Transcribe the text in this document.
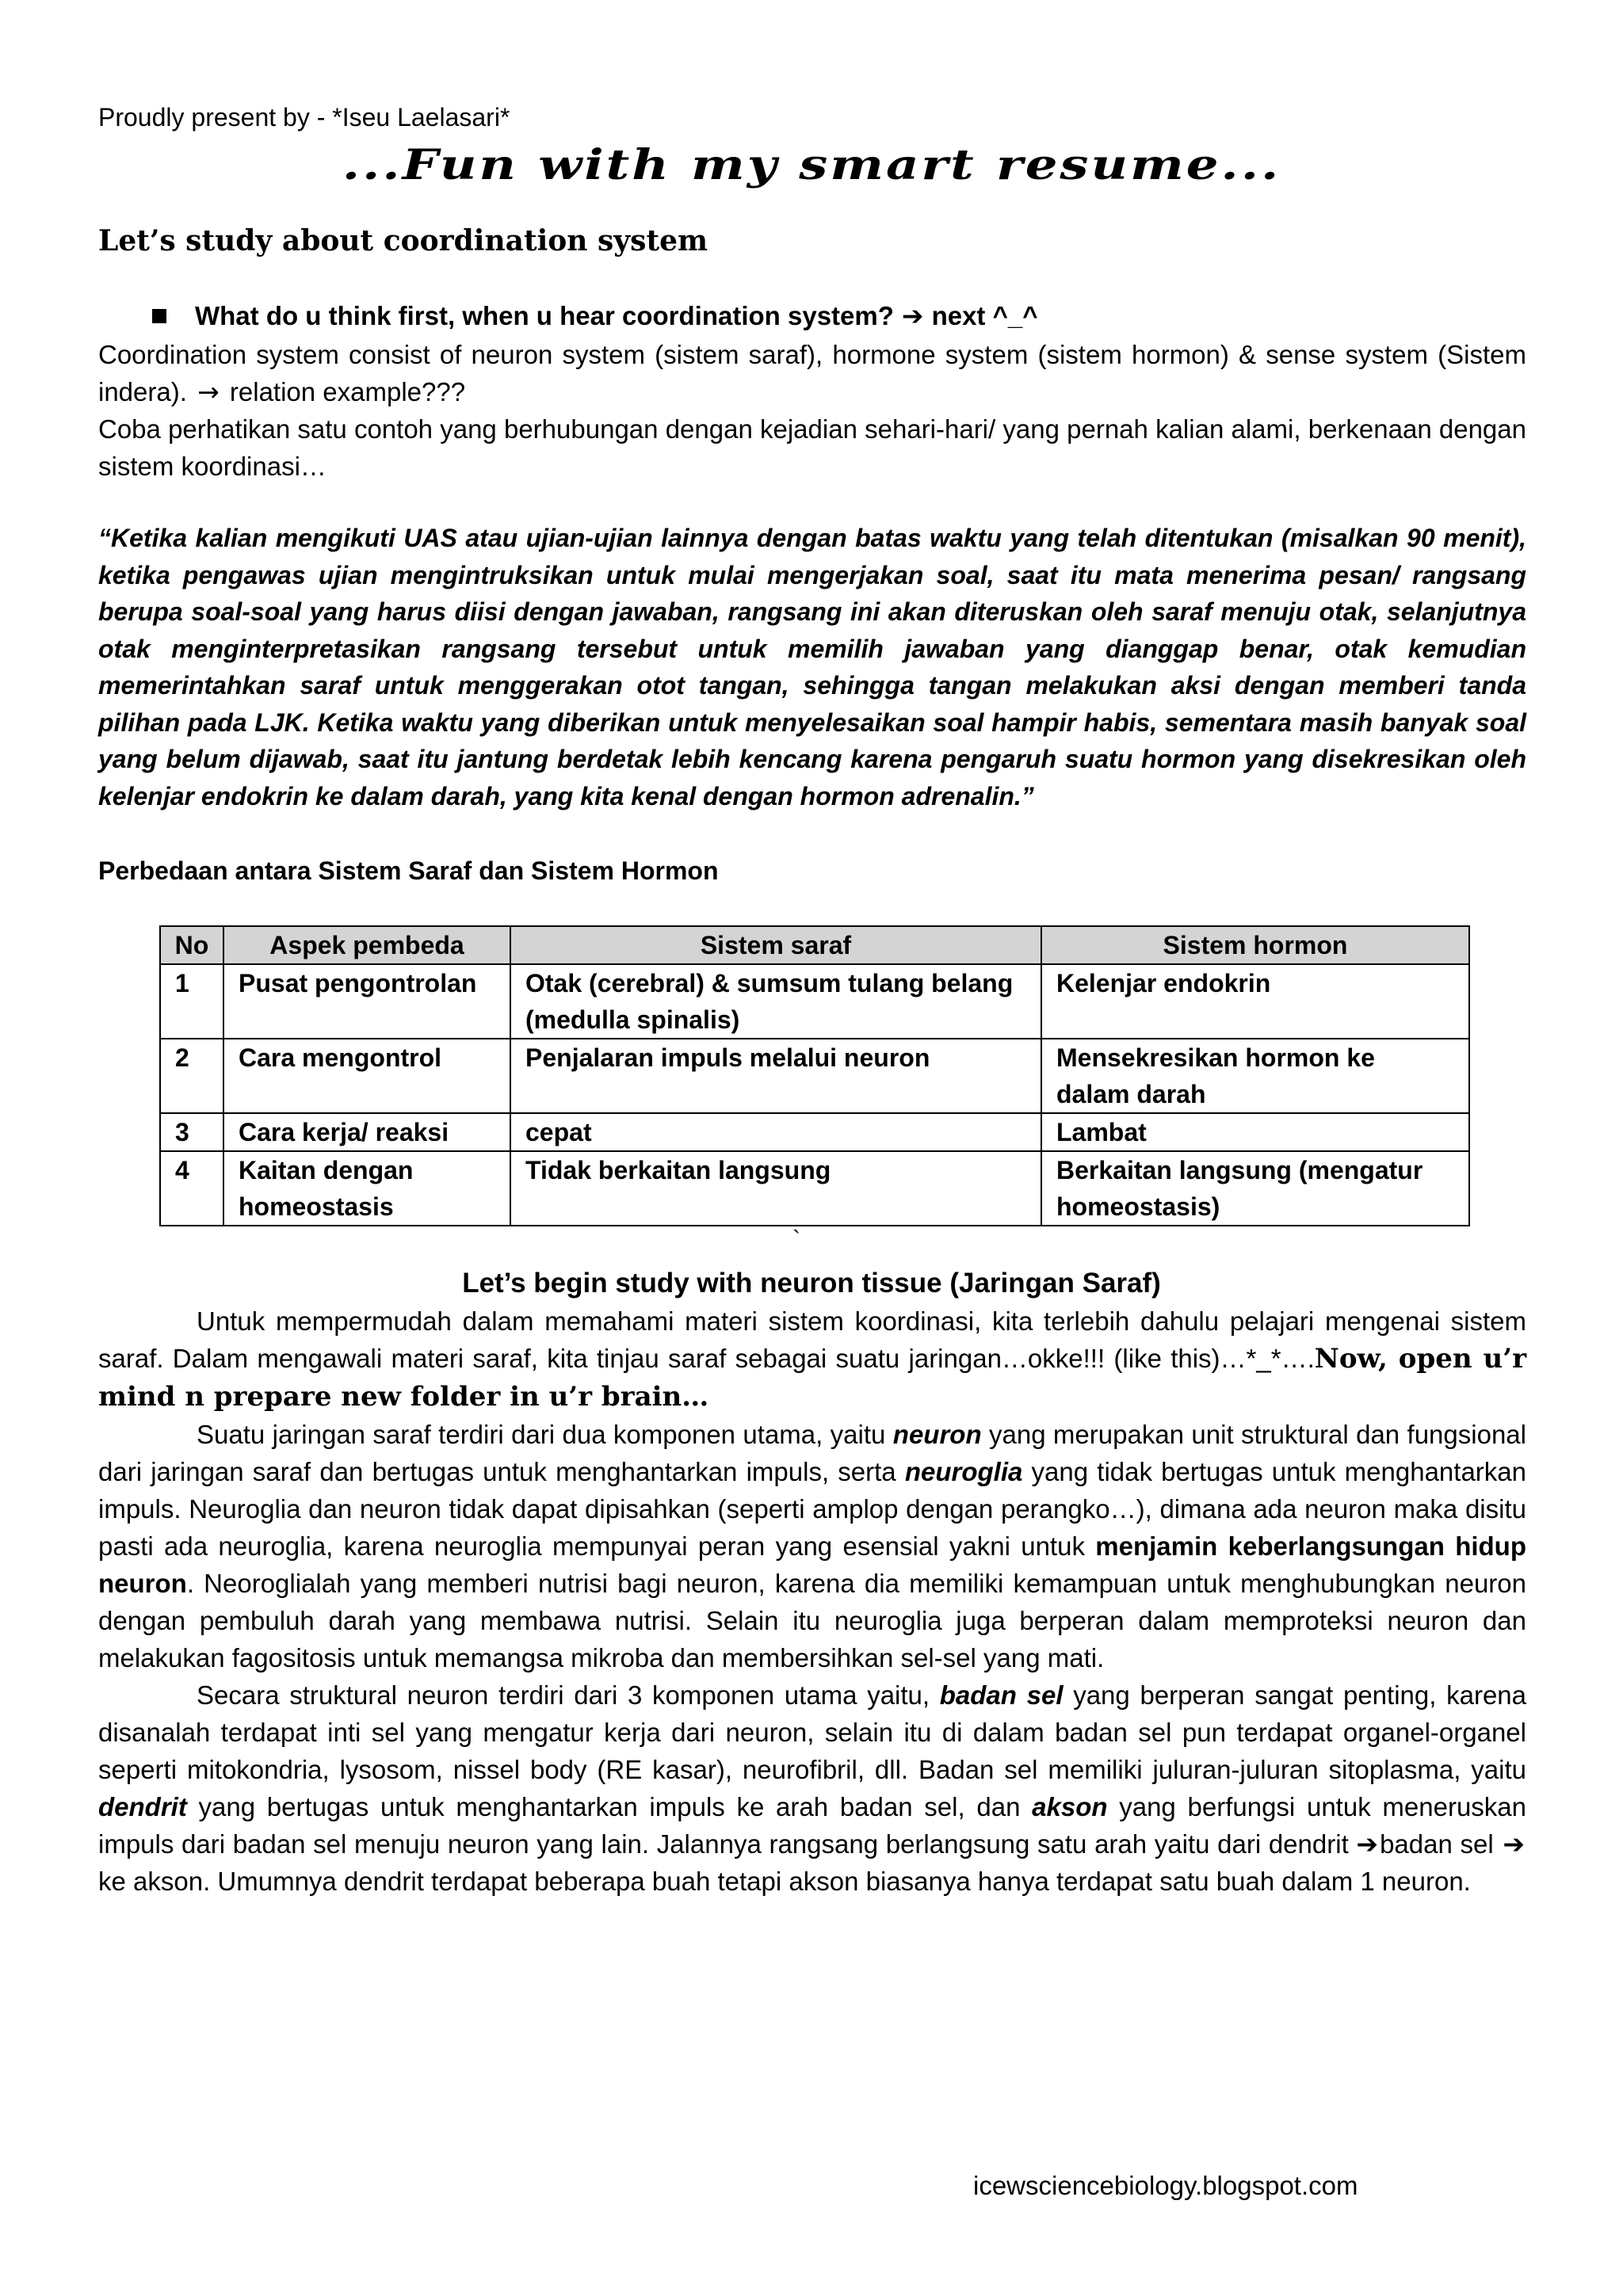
Proudly present by - *Iseu Laelasari*
...Fun with my smart resume...
Let’s study about coordination system
What do u think first, when u hear coordination system? ➔ next ^_^

Coordination system consist of neuron system (sistem saraf), hormone system (sistem hormon) & sense system (Sistem indera). → relation example???

Coba perhatikan satu contoh yang berhubungan dengan kejadian sehari-hari/ yang pernah kalian alami, berkenaan dengan sistem koordinasi…

“Ketika kalian mengikuti UAS atau ujian-ujian lainnya dengan batas waktu yang telah ditentukan (misalkan 90 menit), ketika pengawas ujian mengintruksikan untuk mulai mengerjakan soal, saat itu mata menerima pesan/ rangsang berupa soal-soal yang harus diisi dengan jawaban, rangsang ini akan diteruskan oleh saraf menuju otak, selanjutnya otak menginterpretasikan rangsang tersebut untuk memilih jawaban yang dianggap benar, otak kemudian memerintahkan saraf untuk menggerakan otot tangan, sehingga tangan melakukan aksi dengan memberi tanda pilihan pada LJK. Ketika waktu yang diberikan untuk menyelesaikan soal hampir habis, sementara masih banyak soal yang belum dijawab, saat itu jantung berdetak lebih kencang karena pengaruh suatu hormon yang disekresikan oleh kelenjar endokrin ke dalam darah, yang kita kenal dengan hormon adrenalin.”
Perbedaan antara Sistem Saraf dan Sistem Hormon
No	Aspek pembeda	Sistem saraf	Sistem hormon
1	Pusat pengontrolan	Otak (cerebral) & sumsum tulang belang (medulla spinalis)	Kelenjar endokrin
2	Cara mengontrol	Penjalaran impuls melalui neuron	Mensekresikan hormon ke dalam darah
3	Cara kerja/ reaksi	cepat	Lambat
4	Kaitan dengan homeostasis	Tidak berkaitan langsung	Berkaitan langsung (mengatur homeostasis)
`
Let’s begin study with neuron tissue (Jaringan Saraf)

Untuk mempermudah dalam memahami materi sistem koordinasi, kita terlebih dahulu pelajari mengenai sistem saraf. Dalam mengawali materi saraf, kita tinjau saraf sebagai suatu jaringan…okke!!! (like this)…*_*….Now, open u’r mind n prepare new folder in u’r brain…

Suatu jaringan saraf terdiri dari dua komponen utama, yaitu neuron yang merupakan unit struktural dan fungsional dari jaringan saraf dan bertugas untuk menghantarkan impuls, serta neuroglia yang tidak bertugas untuk menghantarkan impuls. Neuroglia dan neuron tidak dapat dipisahkan (seperti amplop dengan perangko…), dimana ada neuron maka disitu pasti ada neuroglia, karena neuroglia mempunyai peran yang esensial yakni untuk menjamin keberlangsungan hidup neuron. Neoroglialah yang memberi nutrisi bagi neuron, karena dia memiliki kemampuan untuk menghubungkan neuron dengan pembuluh darah yang membawa nutrisi. Selain itu neuroglia juga berperan dalam memproteksi neuron dan melakukan fagositosis untuk memangsa mikroba dan membersihkan sel-sel yang mati.

Secara struktural neuron terdiri dari 3 komponen utama yaitu, badan sel yang berperan sangat penting, karena disanalah terdapat inti sel yang mengatur kerja dari neuron, selain itu di dalam badan sel pun terdapat organel-organel seperti mitokondria, lysosom, nissel body (RE kasar), neurofibril, dll. Badan sel memiliki juluran-juluran sitoplasma, yaitu dendrit yang bertugas untuk menghantarkan impuls ke arah badan sel, dan akson yang berfungsi untuk meneruskan impuls dari badan sel menuju neuron yang lain. Jalannya rangsang berlangsung satu arah yaitu dari dendrit ➔badan sel ➔ ke akson. Umumnya dendrit terdapat beberapa buah tetapi akson biasanya hanya terdapat satu buah dalam 1 neuron.

icewsciencebiology.blogspot.com
